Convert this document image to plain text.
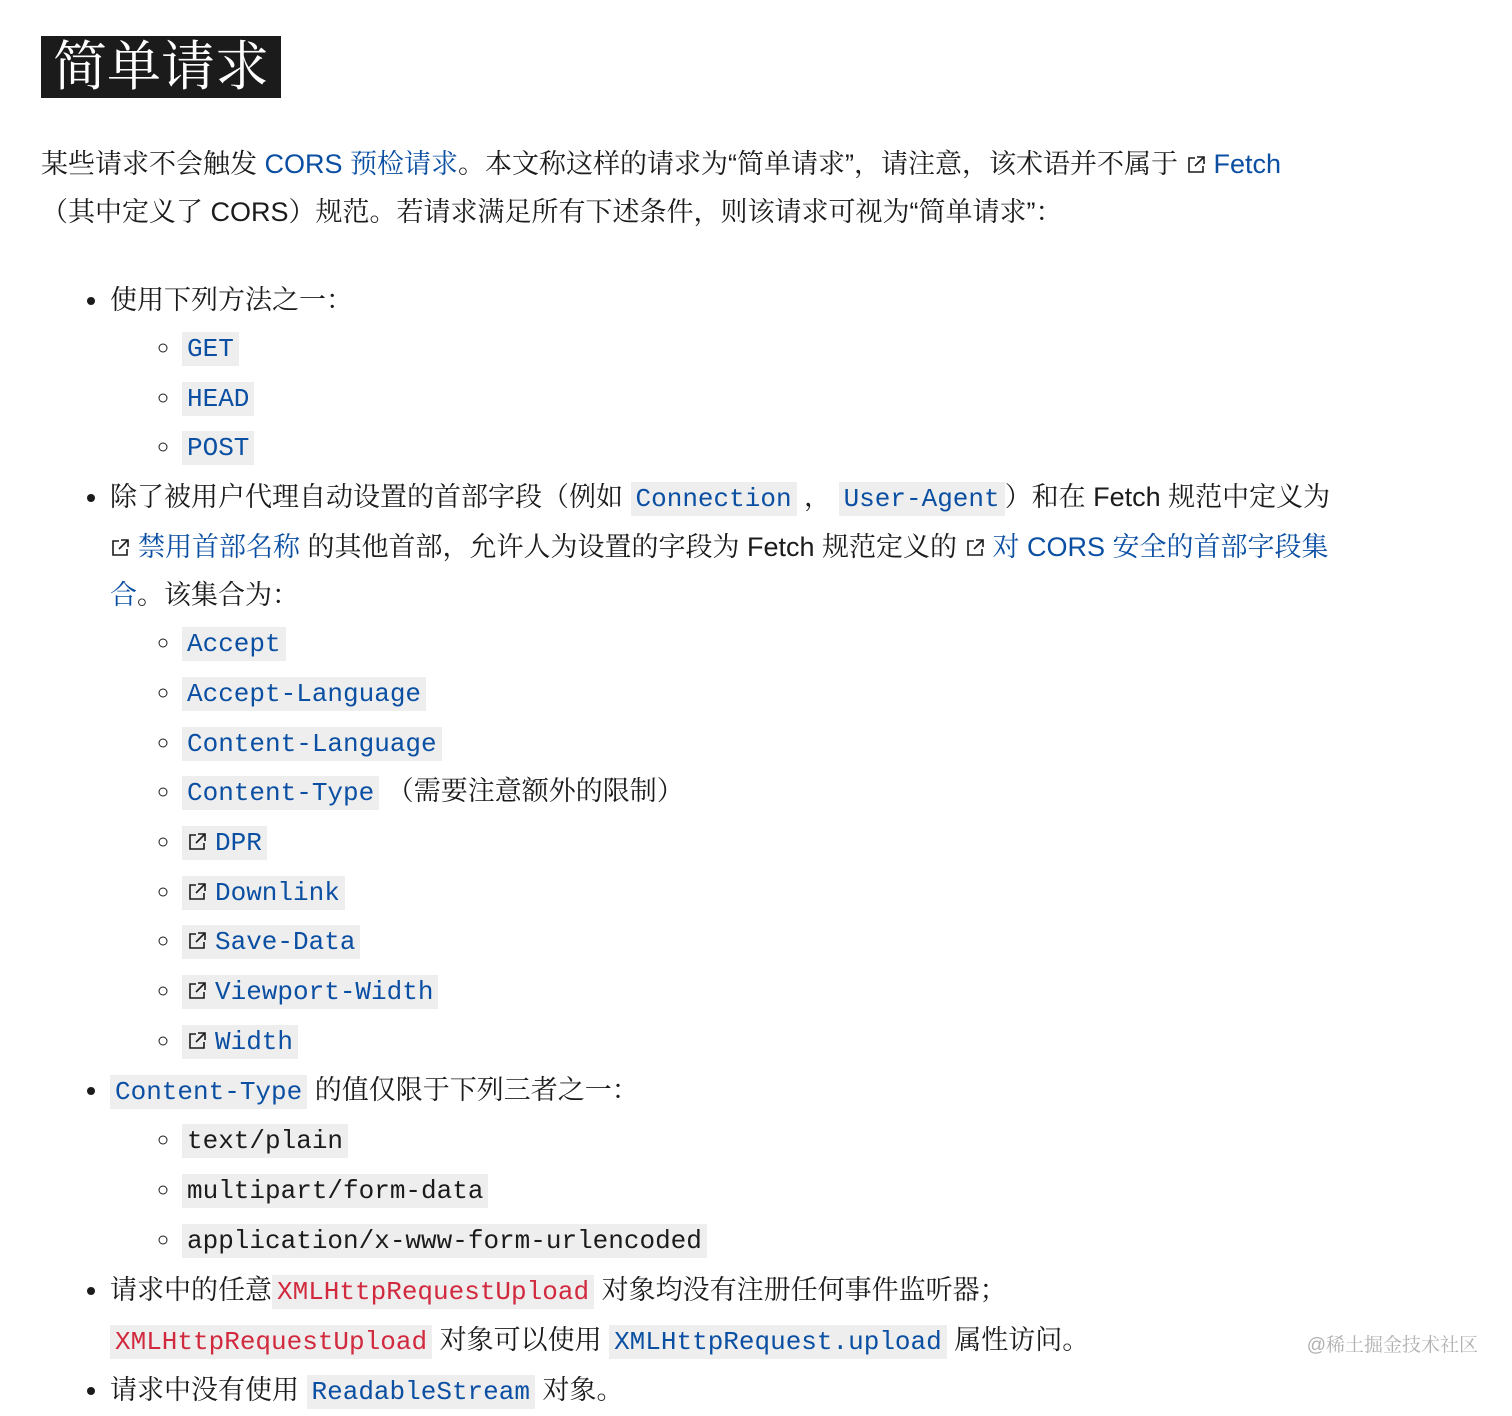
简单请求

某些请求不会触发 CORS 预检请求。本文称这样的请求为“简单请求”，请注意，该术语并不属于
Fetch
（其中定义了 CORS）规范。若请求满足所有下述条件，则该请求可视为“简单请求”：

• 使用下列方法之一：
◦ GET
◦ HEAD
◦ POST
• 除了被用户代理自动设置的首部字段（例如 Connection ， User-Agent ）和在 Fetch 规范中定义为
禁用首部名称 的其他首部，允许人为设置的字段为 Fetch 规范定义的
对 CORS 安全的首部字段集合。该集合为：
◦ Accept
◦ Accept-Language
◦ Content-Language
◦ Content-Type （需要注意额外的限制）
◦
DPR
◦
Downlink
◦
Save-Data
◦
Viewport-Width
◦
Width
• Content-Type 的值仅限于下列三者之一：
◦ text/plain
◦ multipart/form-data
◦ application/x-www-form-urlencoded
• 请求中的任意 XMLHttpRequestUpload 对象均没有注册任何事件监听器；
XMLHttpRequestUpload 对象可以使用 XMLHttpRequest.upload 属性访问。
• 请求中没有使用 ReadableStream 对象。
@稀土掘金技术社区
